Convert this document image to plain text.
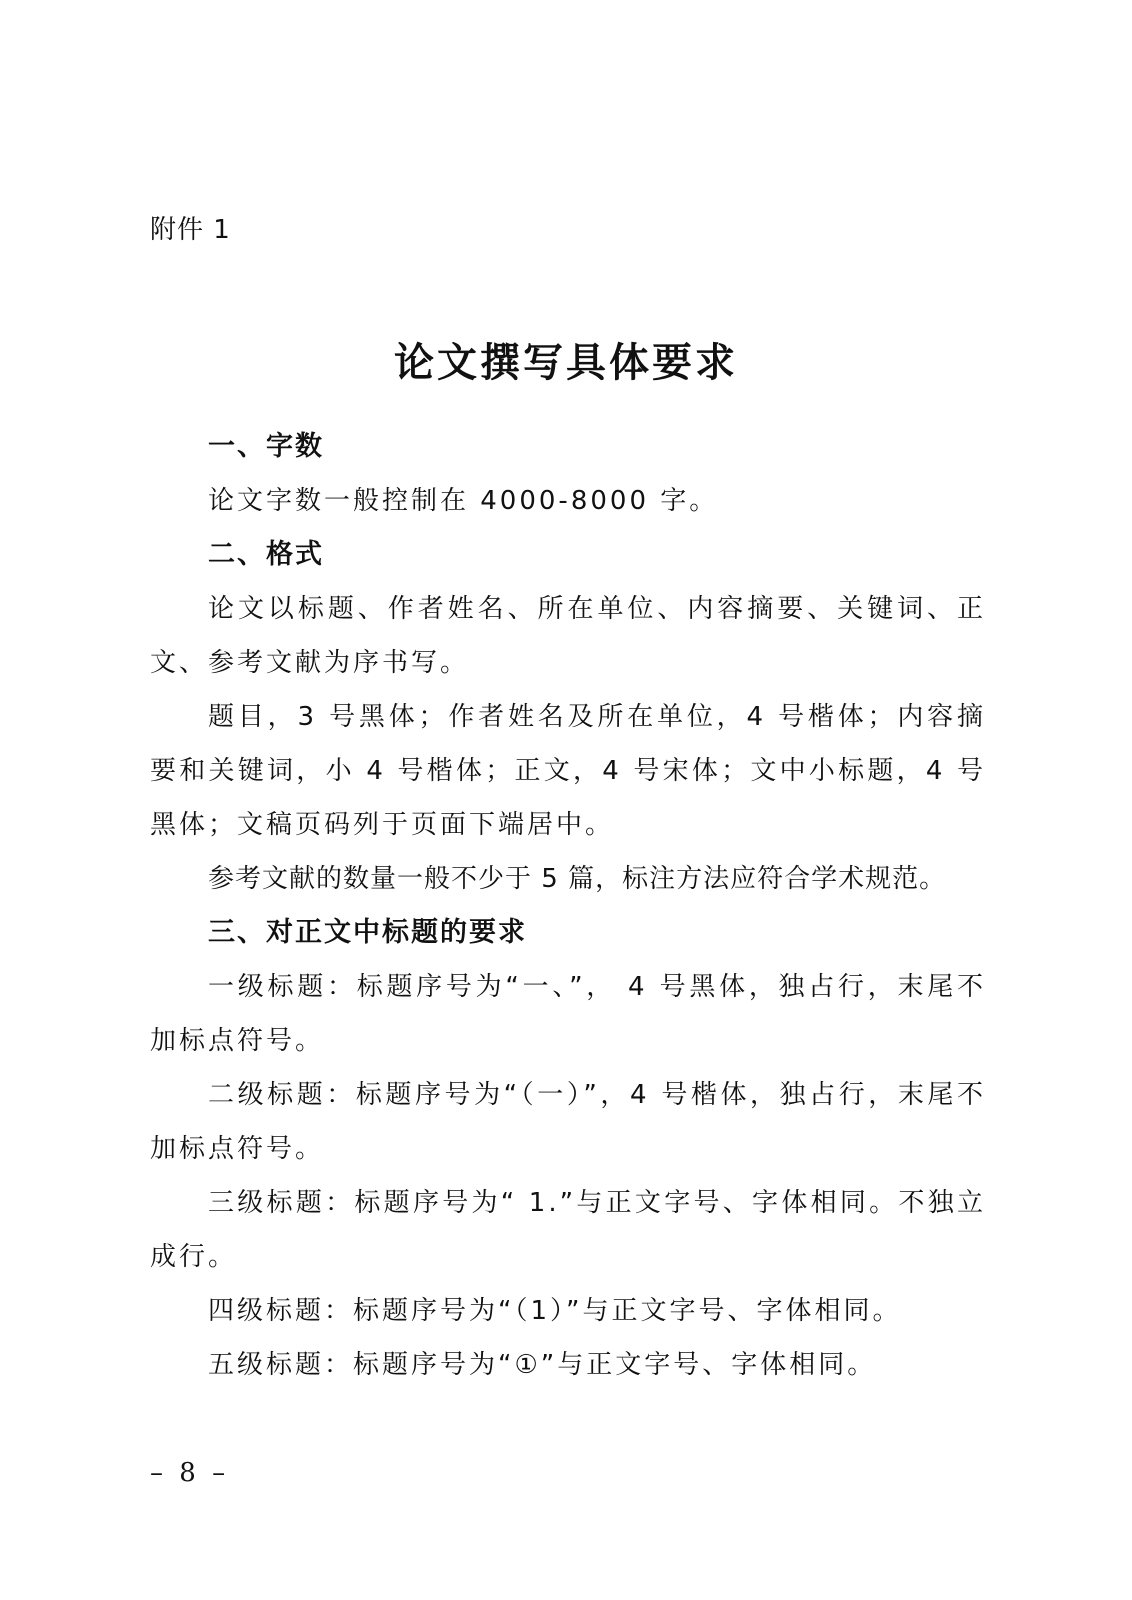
附件 1
论文撰写具体要求
一、字数

论文字数一般控制在 4000-8000 字。

二、格式

论文以标题、作者姓名、所在单位、内容摘要、关键词、正文、参考文献为序书写。

题目，3 号黑体；作者姓名及所在单位，4 号楷体；内容摘要和关键词，小 4 号楷体；正文，4 号宋体；文中小标题，4 号黑体；文稿页码列于页面下端居中。

参考文献的数量一般不少于 5 篇，标注方法应符合学术规范。

三、对正文中标题的要求

一级标题：标题序号为“一、”， 4 号黑体，独占行，末尾不加标点符号。

二级标题：标题序号为“（一）”，4 号楷体，独占行，末尾不加标点符号。

三级标题：标题序号为“ 1.”与正文字号、字体相同。不独立成行。

四级标题：标题序号为“（1）”与正文字号、字体相同。

五级标题：标题序号为“①”与正文字号、字体相同。

– 8 –
